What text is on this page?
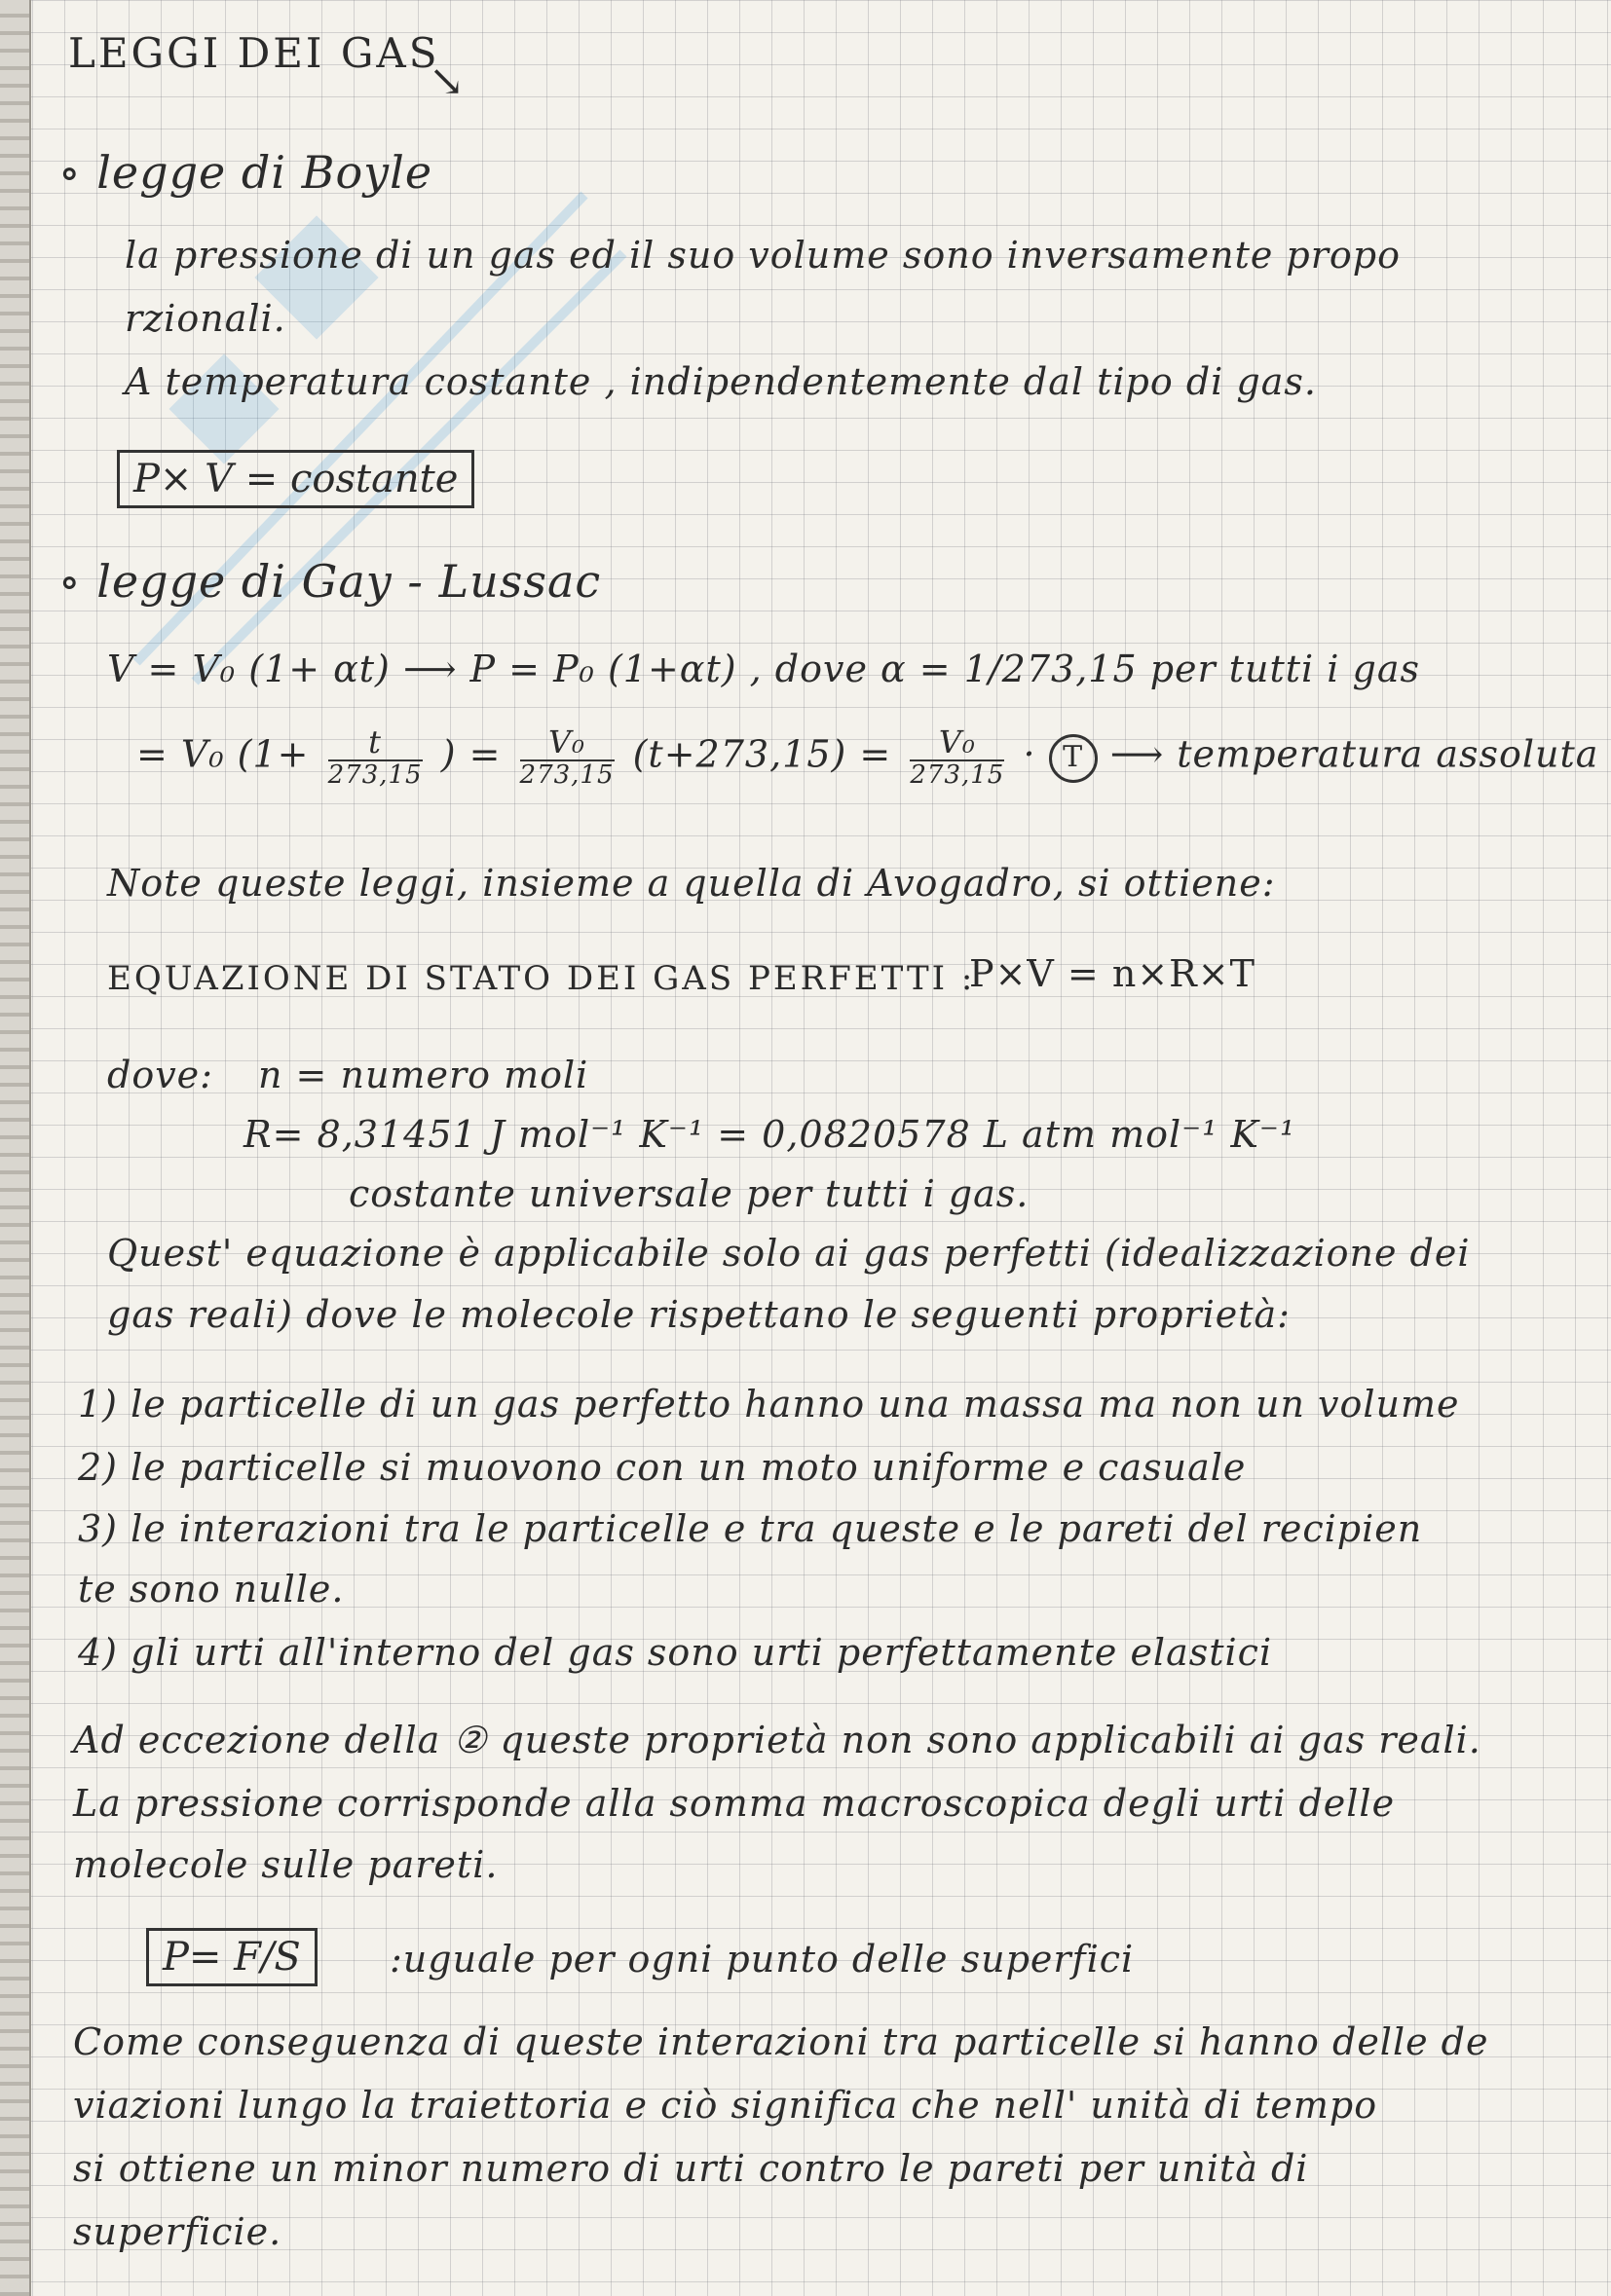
LEGGI DEI GAS
↘
∘ legge di Boyle
la pressione di un gas ed il suo volume sono inversamente propo
rzionali.
A temperatura costante , indipendentemente dal tipo di gas.
P× V = costante
∘ legge di Gay - Lussac
V = V₀ (1+ αt) ⟶ P = P₀ (1+αt) , dove α = 1/273,15 per tutti i gas
= V₀ ($1+ \frac{t}{273,15}$ ) = $\frac{\text{V₀}}{273,15} (t+273,15) = \frac{\text{V₀}}{273,15} \cdot T$ ⟶ temperatura assoluta
Note queste leggi, insieme a quella di Avogadro, si ottiene:
EQUAZIONE DI STATO DEI GAS PERFETTI :
P×V = n×R×T
dove: n = numero moli
R= 8,31451 J mol⁻¹ K⁻¹ = 0,0820578 L atm mol⁻¹ K⁻¹
costante universale per tutti i gas.
Quest' equazione è applicabile solo ai gas perfetti (idealizzazione dei
gas reali) dove le molecole rispettano le seguenti proprietà:
1) le particelle di un gas perfetto hanno una massa ma non un volume
2) le particelle si muovono con un moto uniforme e casuale
3) le interazioni tra le particelle e tra queste e le pareti del recipien
te sono nulle.
4) gli urti all'interno del gas sono urti perfettamente elastici
Ad eccezione della ② queste proprietà non sono applicabili ai gas reali.
La pressione corrisponde alla somma macroscopica degli urti delle
molecole sulle pareti.
P= F/S	:uguale per ogni punto delle superfici
Come conseguenza di queste interazioni tra particelle si hanno delle de
viazioni lungo la traiettoria e ciò significa che nell' unità di tempo
si ottiene un minor numero di urti contro le pareti per unità di
superficie.
